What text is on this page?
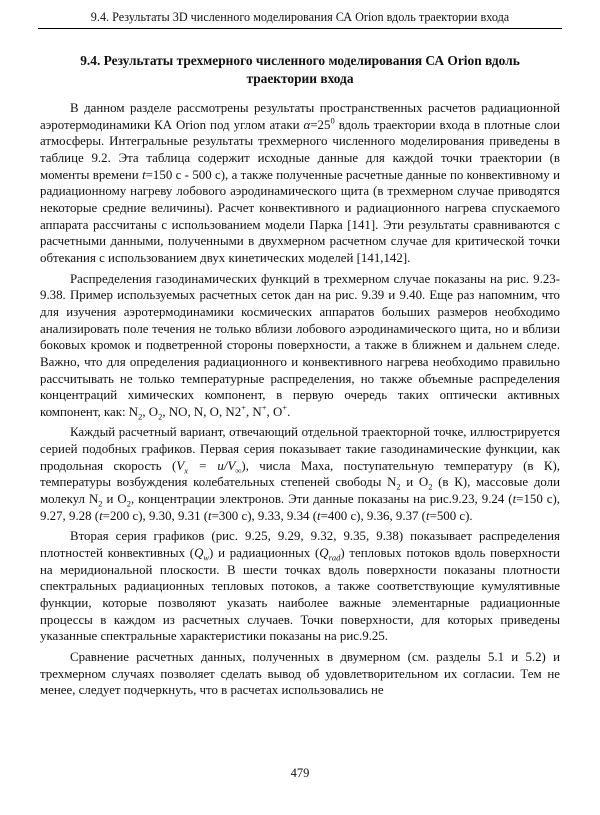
9.4. Результаты 3D численного моделирования СА Orion вдоль траектории входа
9.4. Результаты трехмерного численного моделирования СА Orion вдоль
траектории входа

В данном разделе рассмотрены результаты пространственных расчетов радиационной аэротермодинамики КА Orion под углом атаки $\alpha=25^0$ вдоль траектории входа в плотные слои атмосферы. Интегральные результаты трехмерного численного моделирования приведены в таблице 9.2. Эта таблица содержит исходные данные для каждой точки траектории (в моменты времени t=150 с - 500 с), а также полученные расчетные данные по конвективному и радиационному нагреву лобового аэродинамического щита (в трехмерном случае приводятся некоторые средние величины). Расчет конвективного и радиационного нагрева спускаемого аппарата рассчитаны с использованием модели Парка [141]. Эти результаты сравниваются с расчетными данными, полученными в двухмерном расчетном случае для критической точки обтекания с использованием двух кинетических моделей [141,142].

Распределения газодинамических функций в трехмерном случае показаны на рис. 9.23-9.38. Пример используемых расчетных сеток дан на рис. 9.39 и 9.40. Еще раз напомним, что для изучения аэротермодинамики космических аппаратов больших размеров необходимо анализировать поле течения не только вблизи лобового аэродинамического щита, но и вблизи боковых кромок и подветренной стороны поверхности, а также в ближнем и дальнем следе. Важно, что для определения радиационного и конвективного нагрева необходимо правильно рассчитывать не только температурные распределения, но также объемные распределения концентраций химических компонент, в первую очередь таких оптически активных компонент, как: $N_2$, $O_2$, NO, N, O, N2+, N+, O+.

Каждый расчетный вариант, отвечающий отдельной траекторной точке, иллюстрируется серией подобных графиков. Первая серия показывает такие газодинамические функции, как продольная скорость $(V_x = u/V_\infty)$, числа Маха, поступательную температуру (в К), температуры возбуждения колебательных степеней свободы $N_2$ и $O_2$ (в К), массовые доли молекул $N_2$ и $O_2$, концентрации электронов. Эти данные показаны на рис.9.23, 9.24 (t=150 с), 9.27, 9.28 (t=200 с), 9.30, 9.31 (t=300 с), 9.33, 9.34 (t=400 с), 9.36, 9.37 (t=500 с).

Вторая серия графиков (рис. 9.25, 9.29, 9.32, 9.35, 9.38) показывает распределения плотностей конвективных $(Q_w)$ и радиационных $(Q_{rad})$ тепловых потоков вдоль поверхности на меридиональной плоскости. В шести точках вдоль поверхности показаны плотности спектральных радиационных тепловых потоков, а также соответствующие кумулятивные функции, которые позволяют указать наиболее важные элементарные радиационные процессы в каждом из расчетных случаев. Точки поверхности, для которых приведены указанные спектральные характеристики показаны на рис.9.25.

Сравнение расчетных данных, полученных в двумерном (см. разделы 5.1 и 5.2) и трехмерном случаях позволяет сделать вывод об удовлетворительном их согласии. Тем не менее, следует подчеркнуть, что в расчетах использовались не

479
